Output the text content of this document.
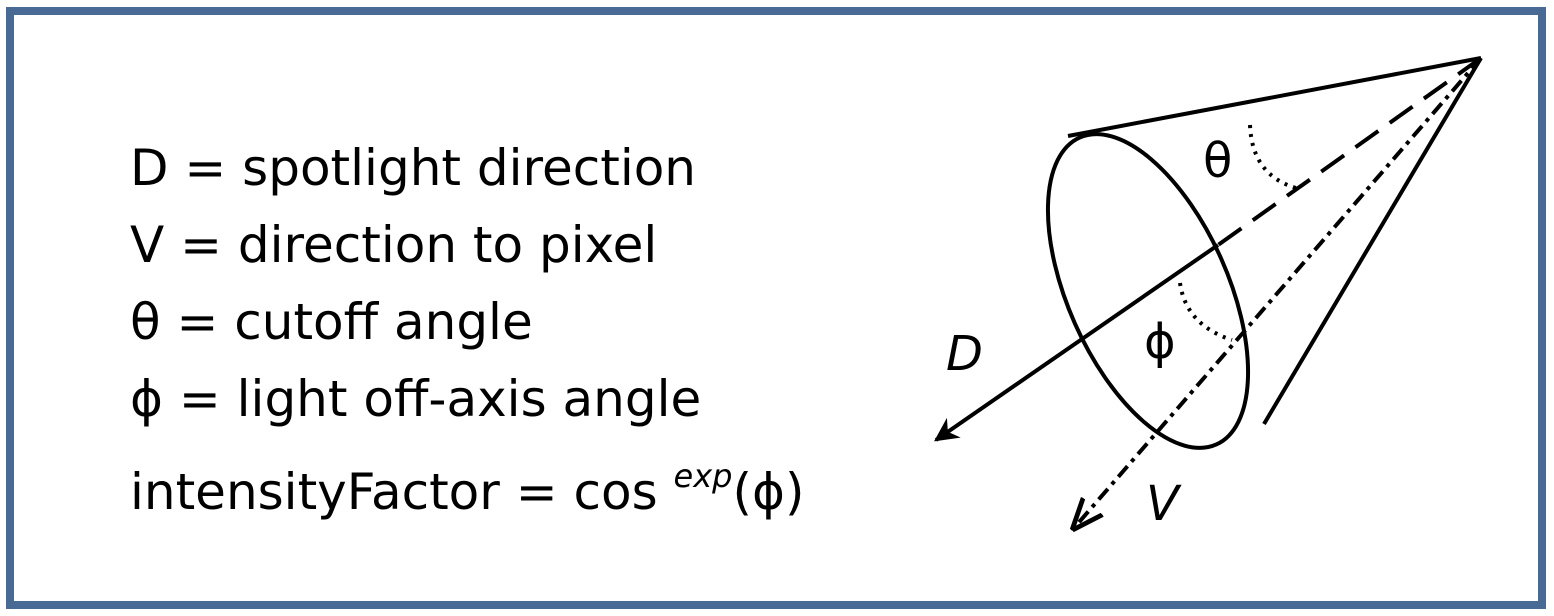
D = spotlight direction
V = direction to pixel
θ = cutoff angle
ϕ = light off-axis angle
intensityFactor = cos $^{exp}$(ϕ)
θ
ϕ
D
V
